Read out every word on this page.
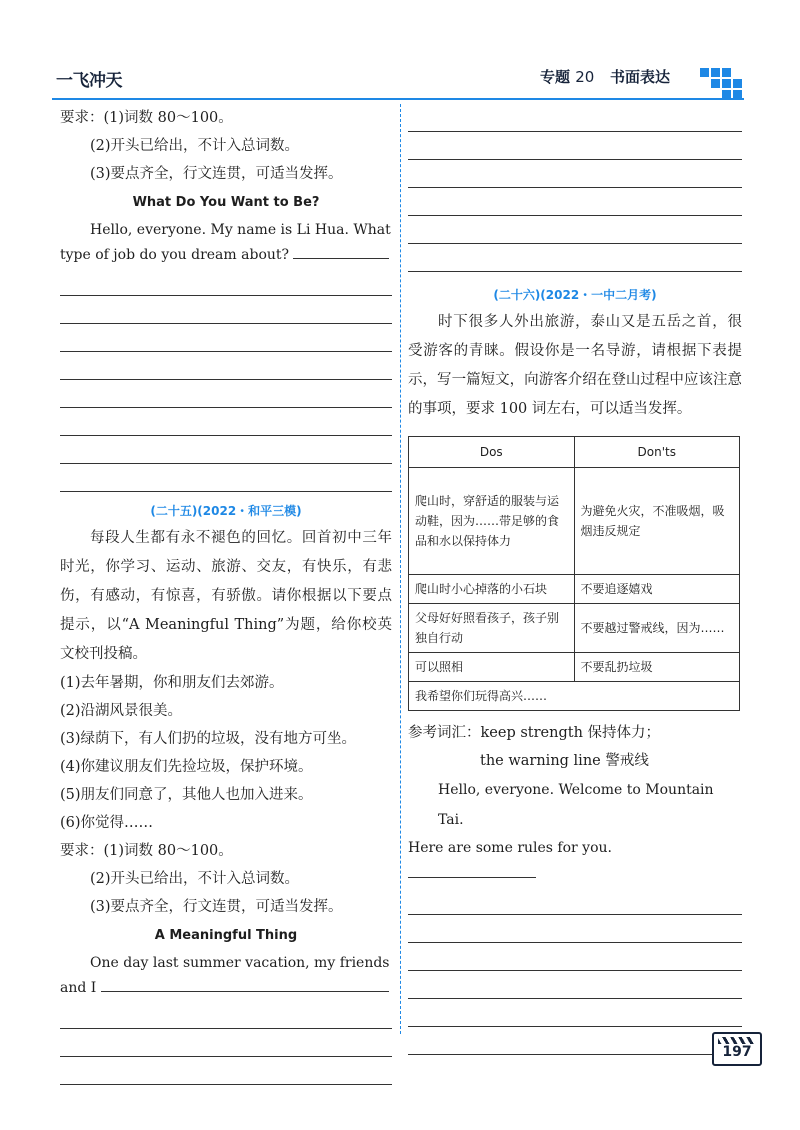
一飞冲天	专题 20 书面表达

要求：(1)词数 80～100。

(2)开头已给出，不计入总词数。

(3)要点齐全，行文连贯，可适当发挥。

What Do You Want to Be?

Hello, everyone. My name is Li Hua. What

type of job do you dream about?

(二十五)(2022・和平三模)

每段人生都有永不褪色的回忆。回首初中三年时光，你学习、运动、旅游、交友，有快乐，有悲伤，有感动，有惊喜，有骄傲。请你根据以下要点提示，以“A Meaningful Thing”为题，给你校英文校刊投稿。

(1)去年暑期，你和朋友们去郊游。

(2)沿湖风景很美。

(3)绿荫下，有人们扔的垃圾，没有地方可坐。

(4)你建议朋友们先捡垃圾，保护环境。

(5)朋友们同意了，其他人也加入进来。

(6)你觉得……

要求：(1)词数 80～100。

(2)开头已给出，不计入总词数。

(3)要点齐全，行文连贯，可适当发挥。

A Meaningful Thing

One day last summer vacation, my friends

and I

(二十六)(2022・一中二月考)

时下很多人外出旅游，泰山又是五岳之首，很受游客的青睐。假设你是一名导游，请根据下表提示，写一篇短文，向游客介绍在登山过程中应该注意的事项，要求 100 词左右，可以适当发挥。

Dos	Don'ts
爬山时，穿舒适的服装与运动鞋，因为……带足够的食品和水以保持体力	为避免火灾，不准吸烟，吸烟违反规定
爬山时小心掉落的小石块	不要追逐嬉戏
父母好好照看孩子，孩子别独自行动	不要越过警戒线，因为……
可以照相	不要乱扔垃圾
我希望你们玩得高兴……	

参考词汇：keep strength 保持体力；

the warning line 警戒线

Hello, everyone. Welcome to Mountain Tai.

Here are some rules for you.

197
